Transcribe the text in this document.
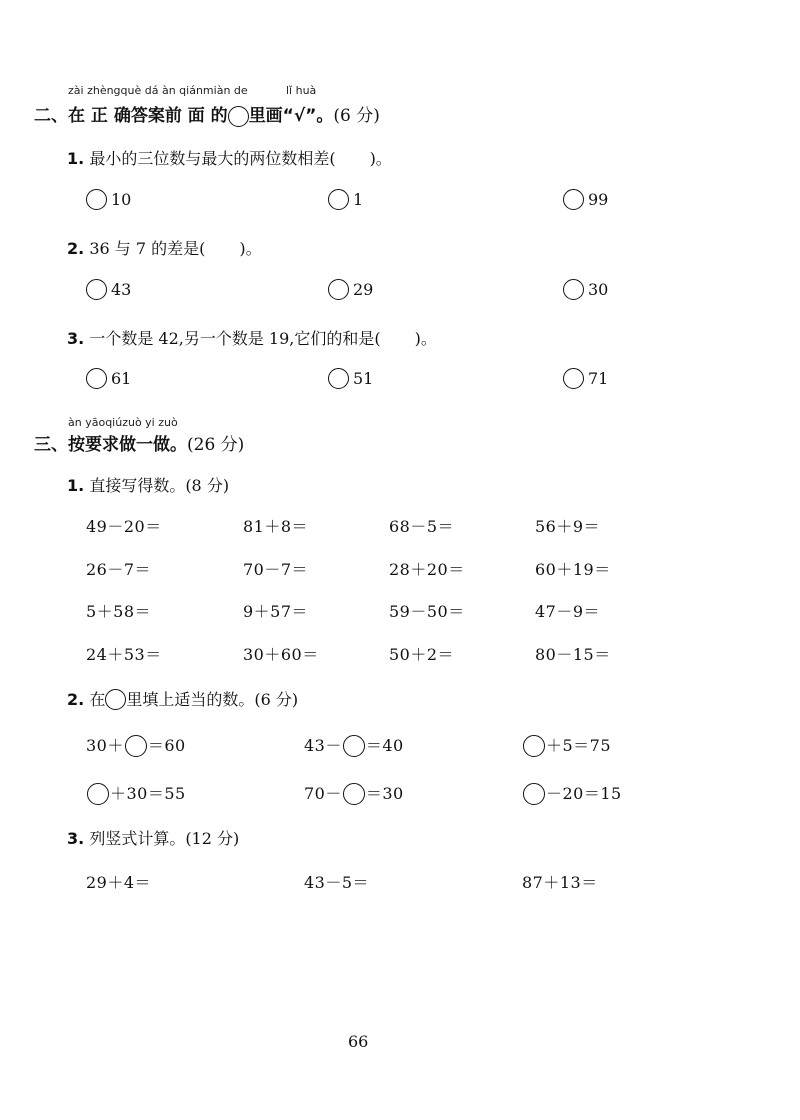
zài zhèngquè dá àn qiánmiàn de	lǐ huà
二、在 正 确答案前 面 的 里画“√”。(6 分)
1. 最小的三位数与最大的两位数相差( )。
10	1	99
2. 36 与 7 的差是( )。
43	29	30
3. 一个数是 42,另一个数是 19,它们的和是( )。
61	51	71
àn yāoqiúzuò yi zuò
三、按要求做一做。(26 分)
1. 直接写得数。(8 分)
49－20＝	81＋8＝	68－5＝	56＋9＝
26－7＝	70－7＝	28＋20＝	60＋19＝
5＋58＝	9＋57＝	59－50＝	47－9＝
24＋53＝	30＋60＝	50＋2＝	80－15＝
2. 在 里填上适当的数。(6 分)
30＋ ＝60	43－ ＝40	＋5＝75
＋30＝55	70－ ＝30	－20＝15
3. 列竖式计算。(12 分)
29＋4＝	43－5＝	87＋13＝
66
